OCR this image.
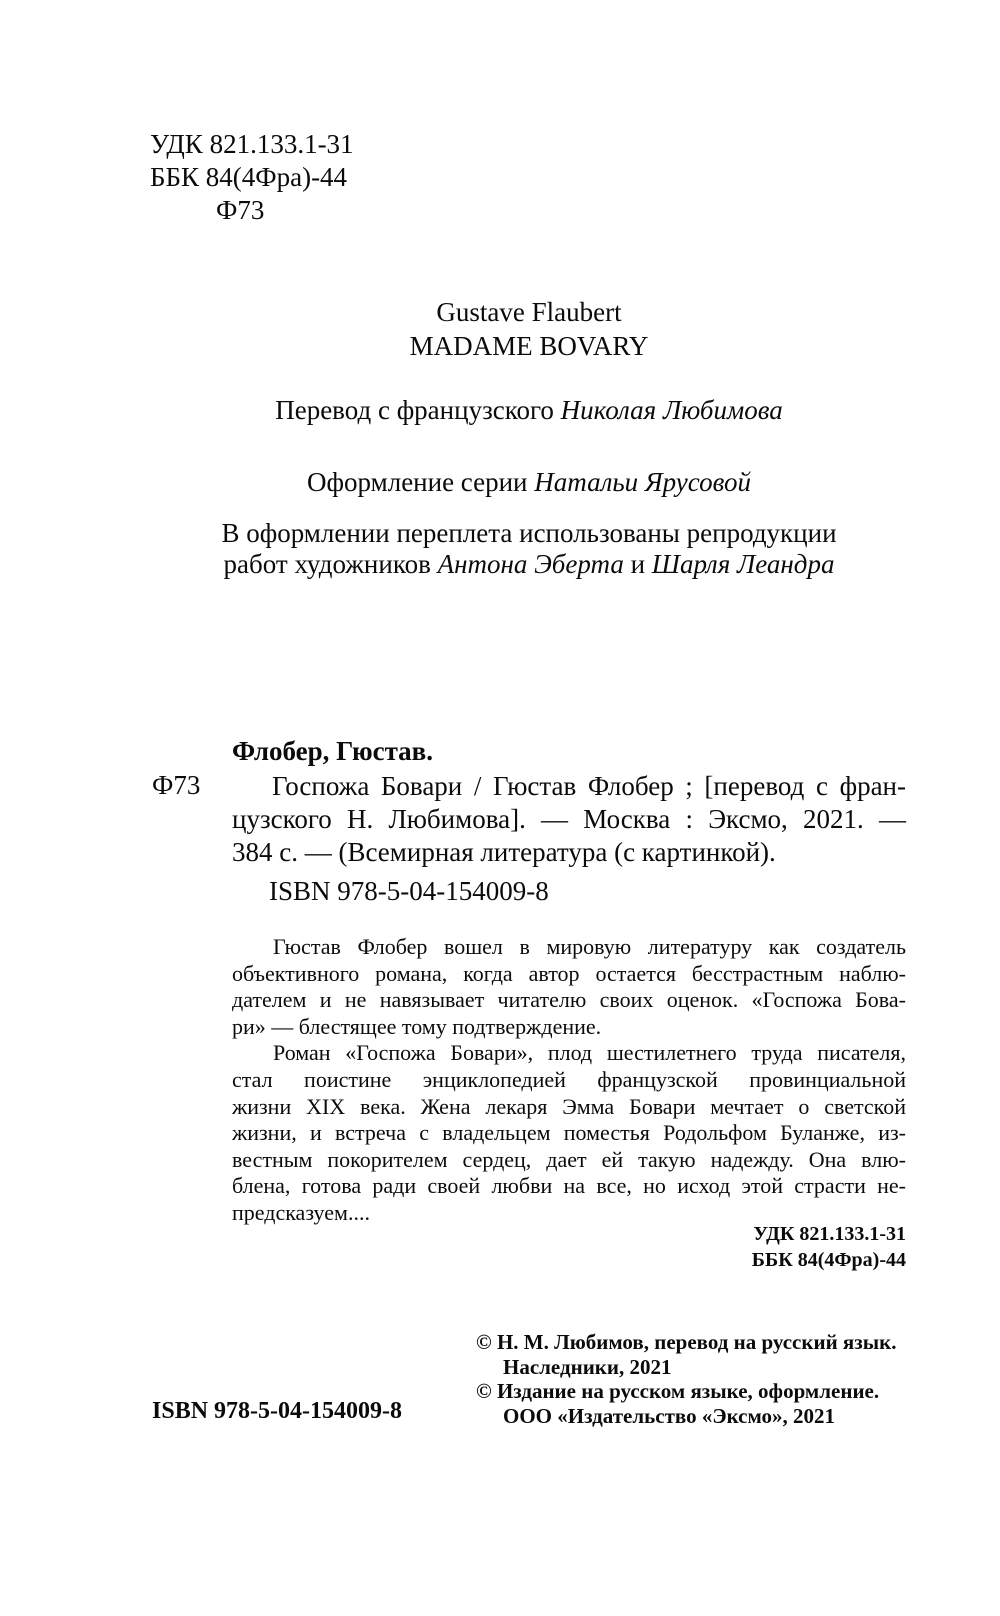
УДК 821.133.1-31
ББК 84(4Фра)-44
Ф73
Gustave Flaubert
MADAME BOVARY
Перевод с французского Николая Любимова
Оформление серии Натальи Ярусовой
В оформлении переплета использованы репродукции
работ художников Антона Эберта и Шарля Леандра
Флобер, Гюстав.
Ф73	Госпожа Бовари / Гюстав Флобер ; [перевод с фран-
цузского Н. Любимова]. — Москва : Эксмо, 2021. —
384 с. — (Всемирная литература (с картинкой).
ISBN 978-5-04-154009-8
Гюстав Флобер вошел в мировую литературу как создатель
объективного романа, когда автор остается бесстрастным наблю-
дателем и не навязывает читателю своих оценок. «Госпожа Бова-
ри» — блестящее тому подтверждение.
Роман «Госпожа Бовари», плод шестилетнего труда писателя,
стал поистине энциклопедией французской провинциальной
жизни XIX века. Жена лекаря Эмма Бовари мечтает о светской
жизни, и встреча с владельцем поместья Родольфом Буланже, из-
вестным покорителем сердец, дает ей такую надежду. Она влю-
блена, готова ради своей любви на все, но исход этой страсти не-
предсказуем....
УДК 821.133.1-31
ББК 84(4Фра)-44
© Н. М. Любимов, перевод на русский язык.
Наследники, 2021
© Издание на русском языке, оформление.
ООО «Издательство «Эксмо», 2021
ISBN 978-5-04-154009-8
